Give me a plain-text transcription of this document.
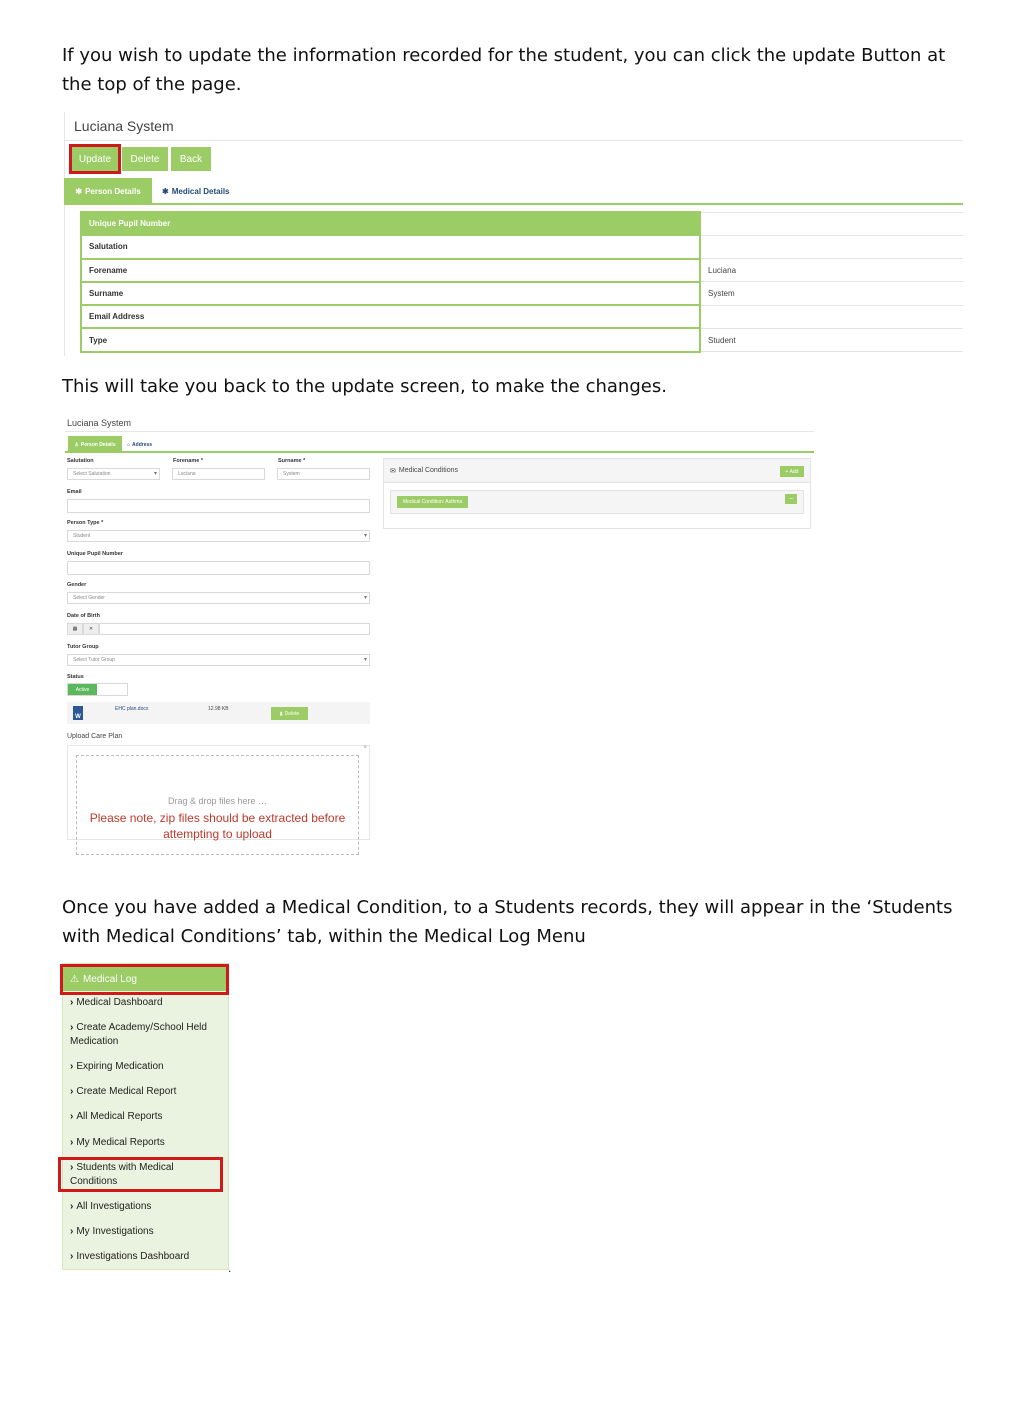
If you wish to update the information recorded for the student, you can click the update Button at the top of the page.
Luciana System
Update	Delete	Back
✱ Person Details	✱ Medical Details
Unique Pupil Number	
Salutation	
Forename	Luciana
Surname	System
Email Address	
Type	Student
This will take you back to the update screen, to make the changes.
Luciana System
♙ Person Details ⌂ Address
Salutation
Select Salutation ▾
Forename *
Luciana
Surname *
System
Email
Person Type *
Student ▾
Unique Pupil Number
Gender
Select Gender ▾
Date of Birth
▦	✕
Tutor Group
Select Tutor Group ▾
Status
Active
W
EHC plan.docx	12.98 KB
▮ Delete
Upload Care Plan
×
Drag & drop files here …
Please note, zip files should be extracted before attempting to upload
✉ Medical Conditions	+ Add
Medical Condition: Asthma	−
Once you have added a Medical Condition, to a Students records, they will appear in the ‘Students with Medical Conditions’ tab, within the Medical Log Menu
⚠ Medical Log
› Medical Dashboard
› Create Academy/School Held Medication
› Expiring Medication
› Create Medical Report
› All Medical Reports
› My Medical Reports
› Students with Medical Conditions
› All Investigations
› My Investigations
› Investigations Dashboard
.
